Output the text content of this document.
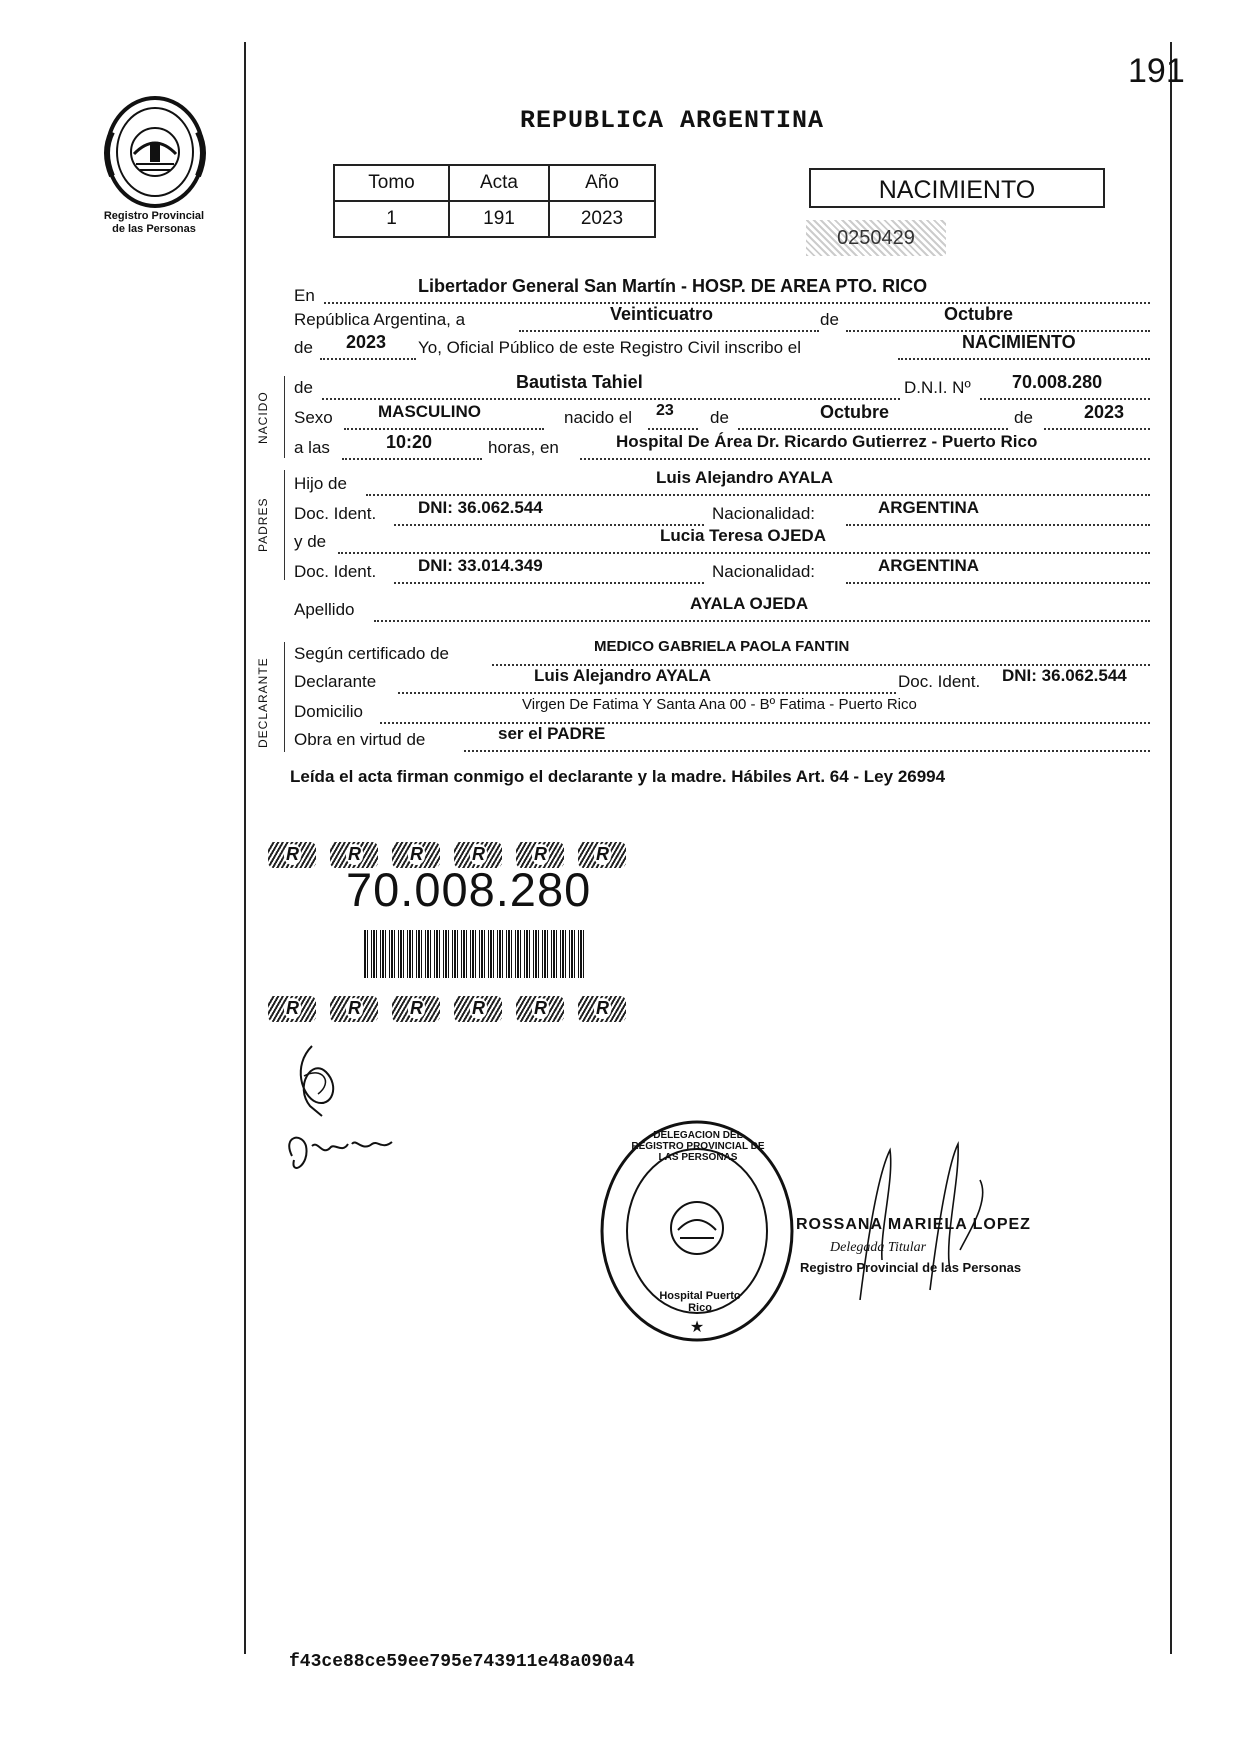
Registro Provincial
de las Personas
191
REPUBLICA ARGENTINA
Tomo	Acta	Año
1	191	2023
NACIMIENTO
0250429
En	Libertador General San Martín - HOSP. DE AREA PTO. RICO
República Argentina, a	Veinticuatro	de	Octubre
de 2023 Yo, Oficial Público de este Registro Civil inscribo el	NACIMIENTO
NACIDO
de	Bautista Tahiel	D.N.I. Nº 70.008.280
Sexo	MASCULINO	nacido el 23 de	Octubre	de	2023
a las	10:20	horas, en	Hospital De Área Dr. Ricardo Gutierrez - Puerto Rico
PADRES
Hijo de	Luis Alejandro AYALA
Doc. Ident. DNI: 36.062.544	Nacionalidad:	ARGENTINA
y de	Lucia Teresa OJEDA
Doc. Ident. DNI: 33.014.349	Nacionalidad:	ARGENTINA
Apellido	AYALA OJEDA
DECLARANTE
Según certificado de	MEDICO GABRIELA PAOLA FANTIN
Declarante	Luis Alejandro AYALA	Doc. Ident. DNI: 36.062.544
Domicilio	Virgen De Fatima Y Santa Ana 00 - Bº Fatima - Puerto Rico
Obra en virtud de	ser el PADRE
Leída el acta firman conmigo el declarante y la madre. Hábiles Art. 64 - Ley 26994
R	R	R	R	R	R
70.008.280
R	R	R	R	R	R
★
DELEGACION DEL REGISTRO PROVINCIAL DE LAS PERSONAS
Hospital Puerto Rico
ROSSANA MARIELA LOPEZ
Delegada Titular
Registro Provincial de las Personas
f43ce88ce59ee795e743911e48a090a4
